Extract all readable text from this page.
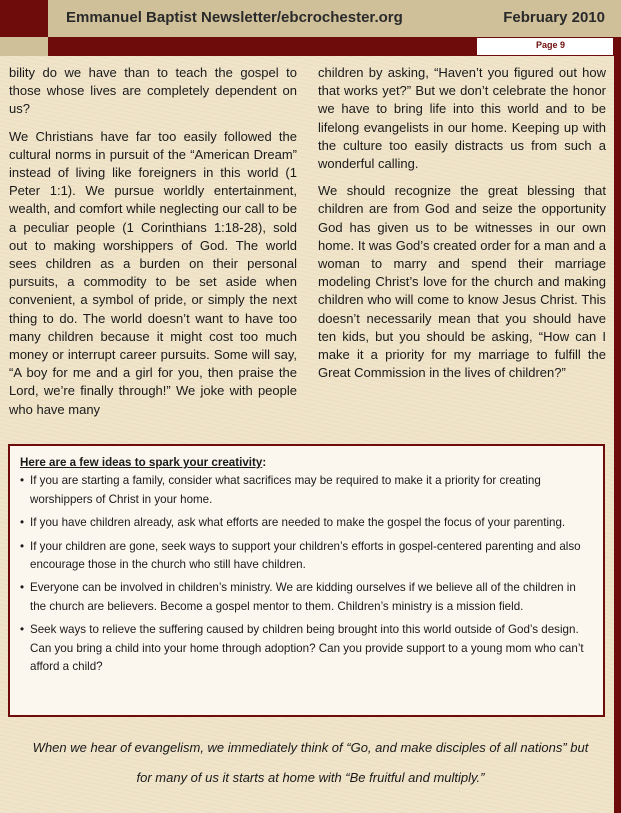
Emmanuel Baptist Newsletter/ebcrochester.org	February 2010
Page 9

bility do we have than to teach the gospel to those whose lives are completely dependent on us?

We Christians have far too easily followed the cultural norms in pursuit of the “American Dream” instead of living like foreigners in this world (1 Peter 1:1). We pursue worldly entertainment, wealth, and comfort while neglecting our call to be a peculiar people (1 Corinthians 1:18-28), sold out to making worshippers of God. The world sees children as a burden on their personal pursuits, a commodity to be set aside when convenient, a symbol of pride, or simply the next thing to do. The world doesn’t want to have too many children because it might cost too much money or interrupt career pursuits. Some will say, “A boy for me and a girl for you, then praise the Lord, we’re finally through!” We joke with people who have many

children by asking, “Haven’t you figured out how that works yet?” But we don’t celebrate the honor we have to bring life into this world and to be lifelong evangelists in our home. Keeping up with the culture too easily distracts us from such a wonderful calling.

We should recognize the great blessing that children are from God and seize the opportunity God has given us to be witnesses in our own home. It was God’s created order for a man and a woman to marry and spend their marriage modeling Christ’s love for the church and making children who will come to know Jesus Christ. This doesn’t necessarily mean that you should have ten kids, but you should be asking, “How can I make it a priority for my marriage to fulfill the Great Commission in the lives of children?”

Here are a few ideas to spark your creativity:
• If you are starting a family, consider what sacrifices may be required to make it a priority for creating worshippers of Christ in your home.
• If you have children already, ask what efforts are needed to make the gospel the focus of your parenting.
• If your children are gone, seek ways to support your children’s efforts in gospel-centered parenting and also encourage those in the church who still have children.
• Everyone can be involved in children’s ministry. We are kidding ourselves if we believe all of the children in the church are believers. Become a gospel mentor to them. Children’s ministry is a mission field.
• Seek ways to relieve the suffering caused by children being brought into this world outside of God’s design. Can you bring a child into your home through adoption? Can you provide support to a young mom who can’t afford a child?
When we hear of evangelism, we immediately think of “Go, and make disciples of all nations” but
for many of us it starts at home with “Be fruitful and multiply.”
